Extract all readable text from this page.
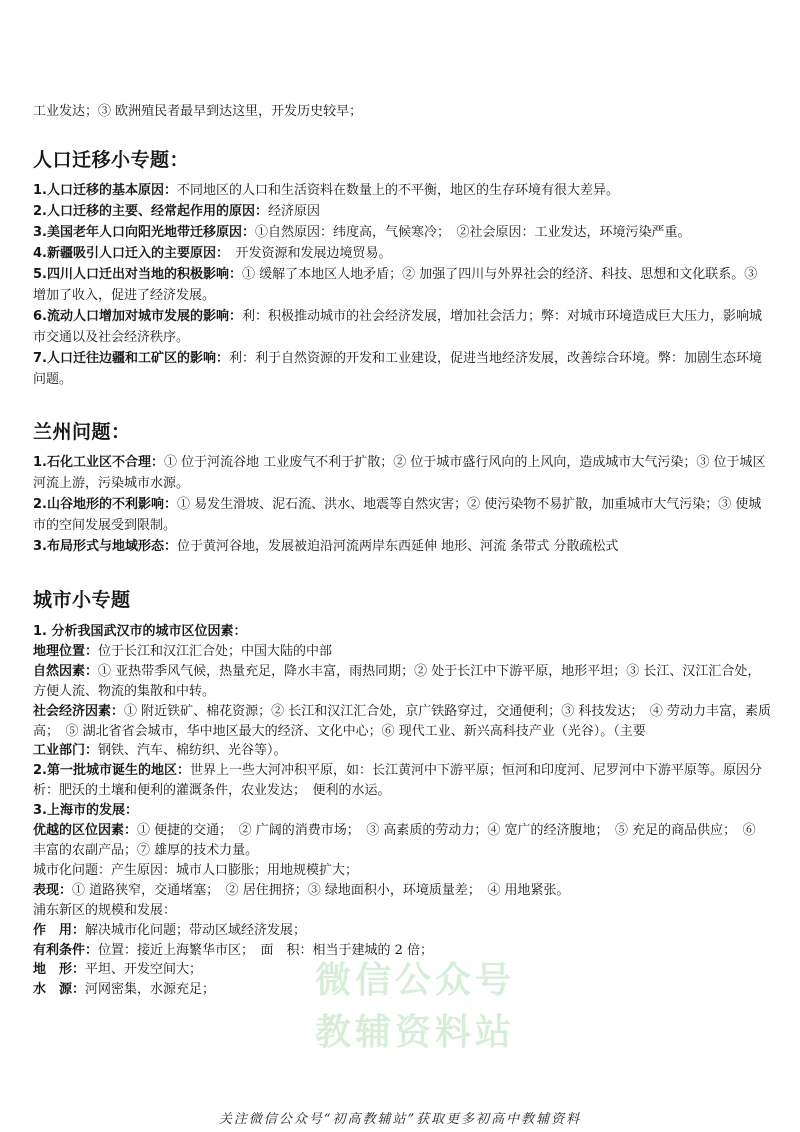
工业发达；③ 欧洲殖民者最早到达这里，开发历史较早；

人口迁移小专题：

1.人口迁移的基本原因：不同地区的人口和生活资料在数量上的不平衡，地区的生存环境有很大差异。

2.人口迁移的主要、经常起作用的原因：经济原因

3.美国老年人口向阳光地带迁移原因：①自然原因：纬度高，气候寒冷；　②社会原因：工业发达，环境污染严重。

4.新疆吸引人口迁入的主要原因：　开发资源和发展边境贸易。

5.四川人口迁出对当地的积极影响：① 缓解了本地区人地矛盾；② 加强了四川与外界社会的经济、科技、思想和文化联系。③ 增加了收入，促进了经济发展。

6.流动人口增加对城市发展的影响：利：积极推动城市的社会经济发展，增加社会活力；弊：对城市环境造成巨大压力，影响城市交通以及社会经济秩序。

7.人口迁往边疆和工矿区的影响：利：利于自然资源的开发和工业建设，促进当地经济发展，改善综合环境。弊：加剧生态环境问题。

兰州问题：

1.石化工业区不合理：① 位于河流谷地 工业废气不利于扩散；② 位于城市盛行风向的上风向，造成城市大气污染；③ 位于城区河流上游，污染城市水源。

2.山谷地形的不利影响：① 易发生滑坡、泥石流、洪水、地震等自然灾害；② 使污染物不易扩散，加重城市大气污染；③ 使城市的空间发展受到限制。

3.布局形式与地域形态：位于黄河谷地，发展被迫沿河流两岸东西延伸 地形、河流 条带式 分散疏松式

城市小专题

1. 分析我国武汉市的城市区位因素：

地理位置：位于长江和汉江汇合处；中国大陆的中部

自然因素：① 亚热带季风气候，热量充足，降水丰富，雨热同期；② 处于长江中下游平原，地形平坦；③ 长江、汉江汇合处，方便人流、物流的集散和中转。

社会经济因素：① 附近铁矿、棉花资源；② 长江和汉江汇合处，京广铁路穿过，交通便利；③ 科技发达；　④ 劳动力丰富，素质高；　⑤ 湖北省省会城市，华中地区最大的经济、文化中心；⑥ 现代工业、新兴高科技产业（光谷）。（主要

工业部门：钢铁、汽车、棉纺织、光谷等）。

2.第一批城市诞生的地区：世界上一些大河冲积平原，如：长江黄河中下游平原；恒河和印度河、尼罗河中下游平原等。原因分析：肥沃的土壤和便利的灌溉条件，农业发达；　便利的水运。

3.上海市的发展：

优越的区位因素：① 便捷的交通；　② 广阔的消费市场；　③ 高素质的劳动力；④ 宽广的经济腹地；　⑤ 充足的商品供应；　⑥ 丰富的农副产品；⑦ 雄厚的技术力量。

城市化问题：产生原因：城市人口膨胀；用地规模扩大；

表现：① 道路狭窄，交通堵塞；　② 居住拥挤；③ 绿地面积小，环境质量差；　④ 用地紧张。

浦东新区的规模和发展：

作　用：解决城市化问题；带动区域经济发展；

有利条件：位置：接近上海繁华市区；　面　积：相当于建城的 2 倍；

地　形：平坦、开发空间大；

水　源：河网密集，水源充足；	微信公众号
教辅资料站
关注微信公众号“初高教辅站”获取更多初高中教辅资料
